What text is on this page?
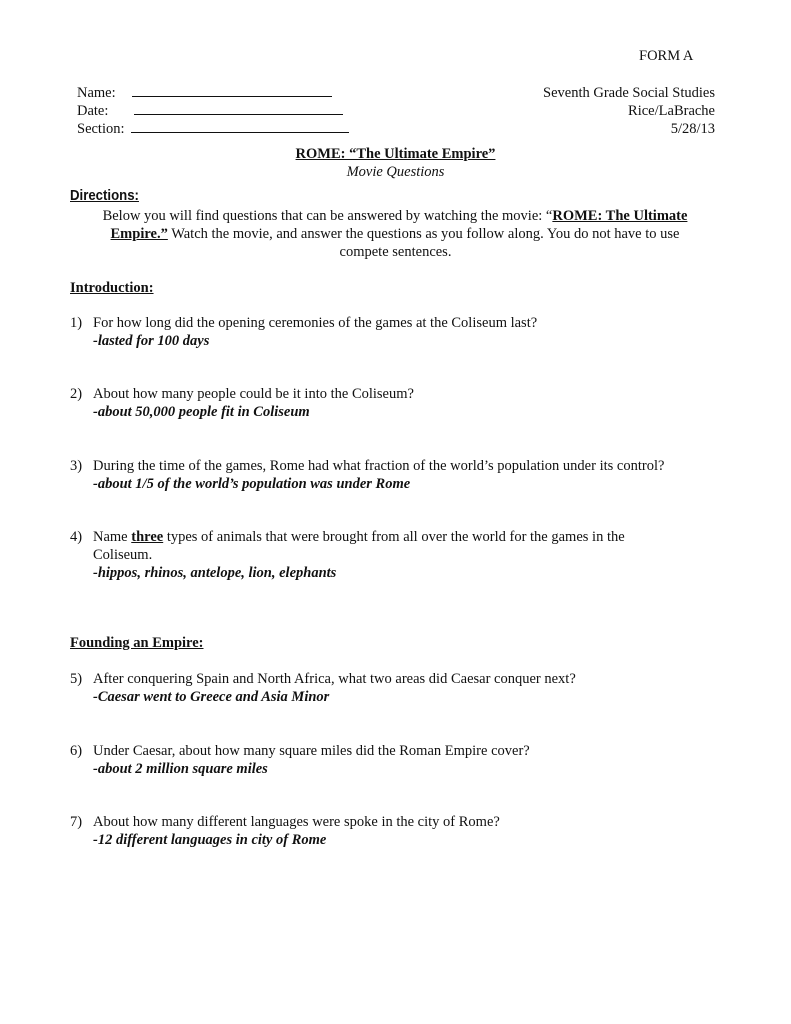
FORM A
Name:
Date:
Section:
Seventh Grade Social Studies
Rice/LaBrache
5/28/13
ROME: “The Ultimate Empire”
Movie Questions
Directions:
Below you will find questions that can be answered by watching the movie: “ROME: The Ultimate
Empire.” Watch the movie, and answer the questions as you follow along. You do not have to use
compete sentences.
Introduction:
1) For how long did the opening ceremonies of the games at the Coliseum last?
-lasted for 100 days
2) About how many people could be it into the Coliseum?
-about 50,000 people fit in Coliseum
3) During the time of the games, Rome had what fraction of the world’s population under its control?
-about 1/5 of the world’s population was under Rome
4) Name three types of animals that were brought from all over the world for the games in the
Coliseum.
-hippos, rhinos, antelope, lion, elephants
Founding an Empire:
5) After conquering Spain and North Africa, what two areas did Caesar conquer next?
-Caesar went to Greece and Asia Minor
6) Under Caesar, about how many square miles did the Roman Empire cover?
-about 2 million square miles
7) About how many different languages were spoke in the city of Rome?
-12 different languages in city of Rome
